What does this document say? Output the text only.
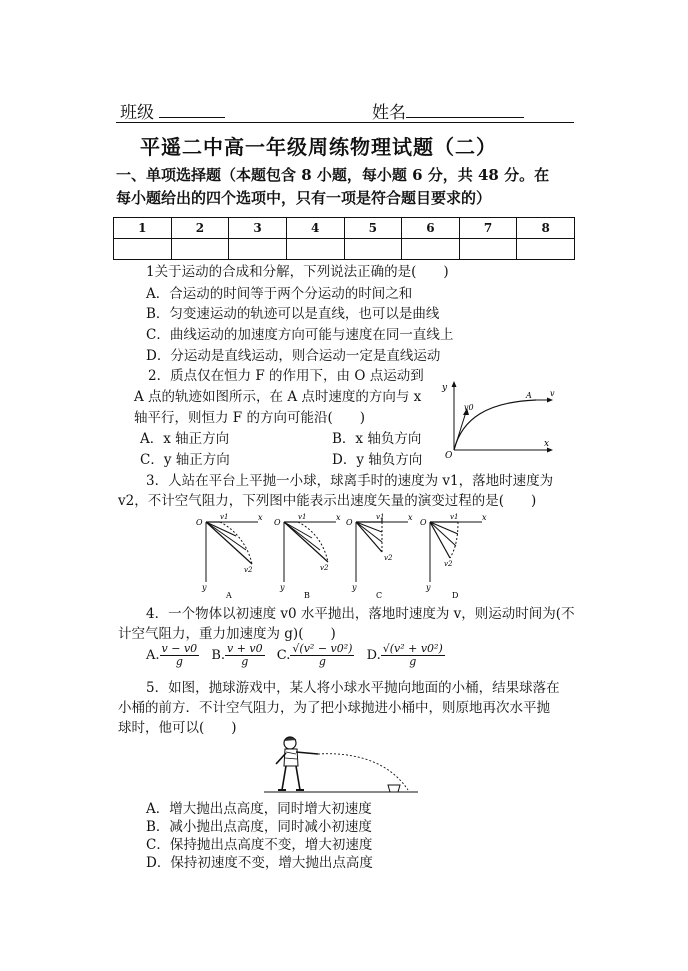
班级	姓名
平遥二中高一年级周练物理试题（二）
一、单项选择题（本题包含 8 小题，每小题 6 分，共 48 分。在
每小题给出的四个选项中，只有一项是符合题目要求的）
1	2	3	4	5	6	7	8

1关于运动的合成和分解，下列说法正确的是(　　)
A．合运动的时间等于两个分运动的时间之和
B．匀变速运动的轨迹可以是直线，也可以是曲线
C．曲线运动的加速度方向可能与速度在同一直线上
D．分运动是直线运动，则合运动一定是直线运动
2．质点仅在恒力 F 的作用下，由 O 点运动到
A 点的轨迹如图所示，在 A 点时速度的方向与 x
轴平行，则恒力 F 的方向可能沿(　　)
A．x 轴正方向	B．x 轴负方向
C．y 轴正方向	D．y 轴负方向
y
x
O
v0
A v
3．人站在平台上平抛一小球，球离手时的速度为 v1，落地时速度为
v2，不计空气阻力，下列图中能表示出速度矢量的演变过程的是(　　)
O
x
y
v1
v2
A
O
x
y
v1
v2
B
O
x
y
v1
v2
C
O
x
y
v1
v2
D
4．一个物体以初速度 v0 水平抛出，落地时速度为 v，则运动时间为(不
计空气阻力，重力加速度为 g)(　　)
A. $\frac{v - v0}{g} B$. $\frac{v + v0}{g} C$. $\frac{\text{√(v² − v0²)}}{g} D$. $\frac{\text{√(v² + v0²)}}{g}$
5．如图，抛球游戏中，某人将小球水平抛向地面的小桶，结果球落在
小桶的前方．不计空气阻力，为了把小球抛进小桶中，则原地再次水平抛
球时，他可以(　　)
A．增大抛出点高度，同时增大初速度
B．减小抛出点高度，同时减小初速度
C．保持抛出点高度不变，增大初速度
D．保持初速度不变，增大抛出点高度
